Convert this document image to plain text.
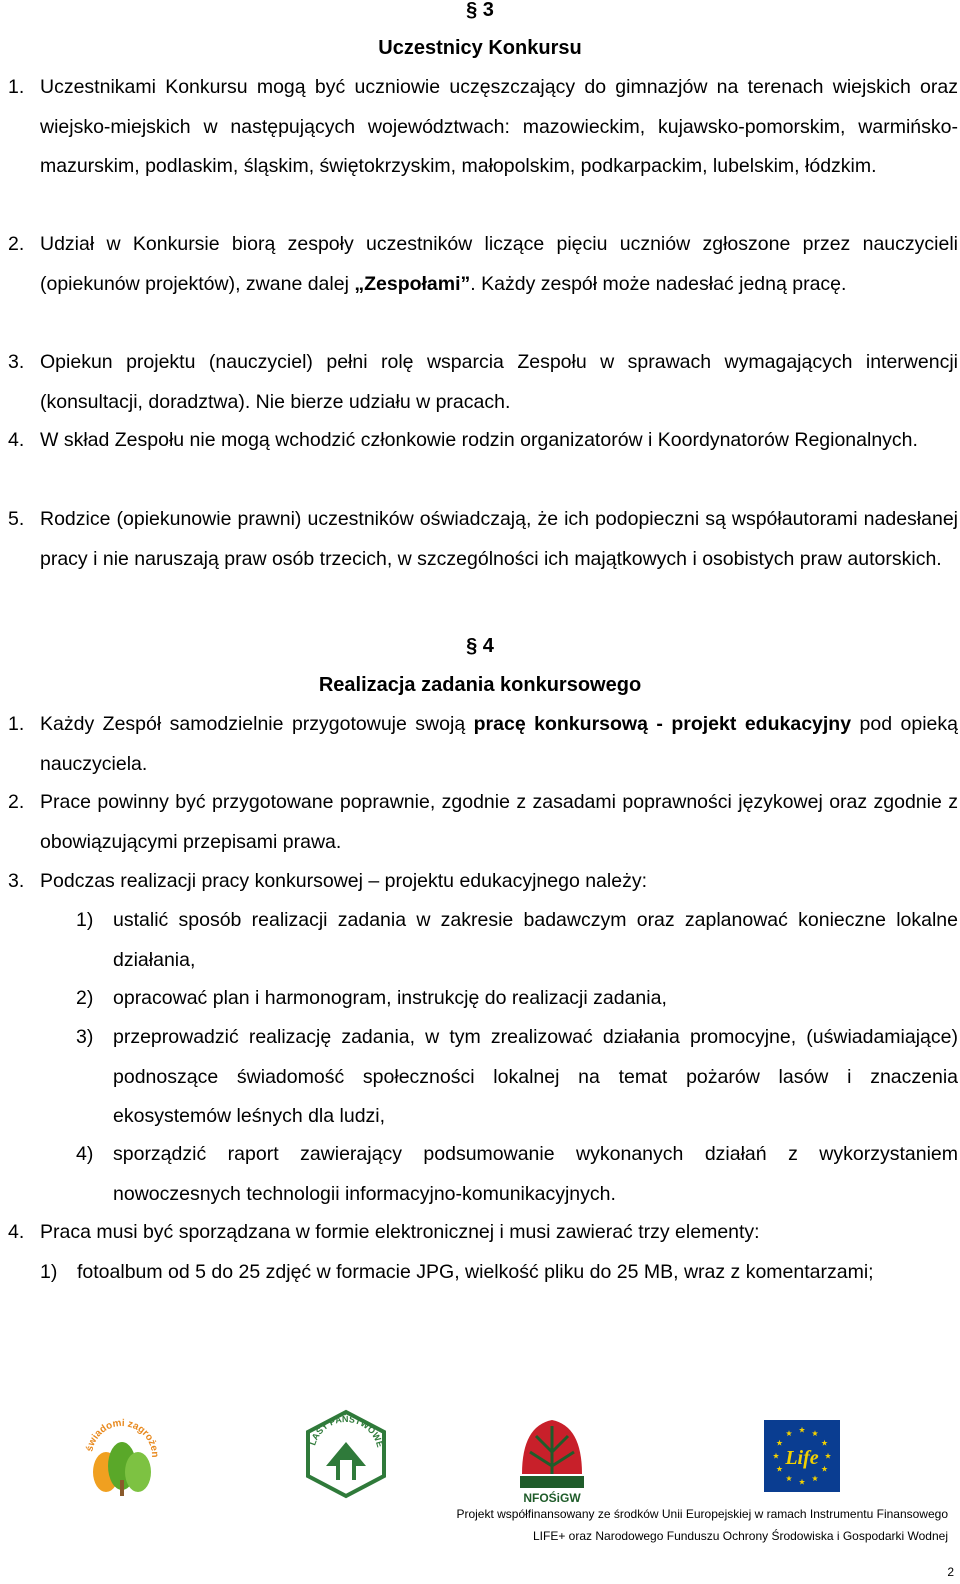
§ 3
Uczestnicy Konkursu
1. Uczestnikami Konkursu mogą być uczniowie uczęszczający do gimnazjów na terenach wiejskich oraz wiejsko-miejskich w następujących województwach: mazowieckim, kujawsko-pomorskim, warmińsko-mazurskim, podlaskim, śląskim, świętokrzyskim, małopolskim, podkarpackim, lubelskim, łódzkim.
2. Udział w Konkursie biorą zespoły uczestników liczące pięciu uczniów zgłoszone przez nauczycieli (opiekunów projektów), zwane dalej „Zespołami”. Każdy zespół może nadesłać jedną pracę.
3. Opiekun projektu (nauczyciel) pełni rolę wsparcia Zespołu w sprawach wymagających interwencji (konsultacji, doradztwa). Nie bierze udziału w pracach.
4. W skład Zespołu nie mogą wchodzić członkowie rodzin organizatorów i Koordynatorów Regionalnych.
5. Rodzice (opiekunowie prawni) uczestników oświadczają, że ich podopieczni są współautorami nadesłanej pracy i nie naruszają praw osób trzecich, w szczególności ich majątkowych i osobistych praw autorskich.
§ 4
Realizacja zadania konkursowego
1. Każdy Zespół samodzielnie przygotowuje swoją pracę konkursową - projekt edukacyjny pod opieką nauczyciela.
2. Prace powinny być przygotowane poprawnie, zgodnie z zasadami poprawności językowej oraz zgodnie z obowiązującymi przepisami prawa.
3. Podczas realizacji pracy konkursowej – projektu edukacyjnego należy:
1) ustalić sposób realizacji zadania w zakresie badawczym oraz zaplanować konieczne lokalne działania,
2) opracować plan i harmonogram, instrukcję do realizacji zadania,
3) przeprowadzić realizację zadania, w tym zrealizować działania promocyjne, (uświadamiające) podnoszące świadomość społeczności lokalnej na temat pożarów lasów i znaczenia ekosystemów leśnych dla ludzi,
4) sporządzić raport zawierający podsumowanie wykonanych działań z wykorzystaniem nowoczesnych technologii informacyjno-komunikacyjnych.
4. Praca musi być sporządzana w formie elektronicznej i musi zawierać trzy elementy:
1) fotoalbum od 5 do 25 zdjęć w formacie JPG, wielkość pliku do 25 MB, wraz z komentarzami;
świadomi zagrożen
LASY PAŃSTWOWE
NFOŚiGW
Life
Projekt współfinansowany ze środków Unii Europejskiej w ramach Instrumentu Finansowego
LIFE+ oraz Narodowego Funduszu Ochrony Środowiska i Gospodarki Wodnej
2
